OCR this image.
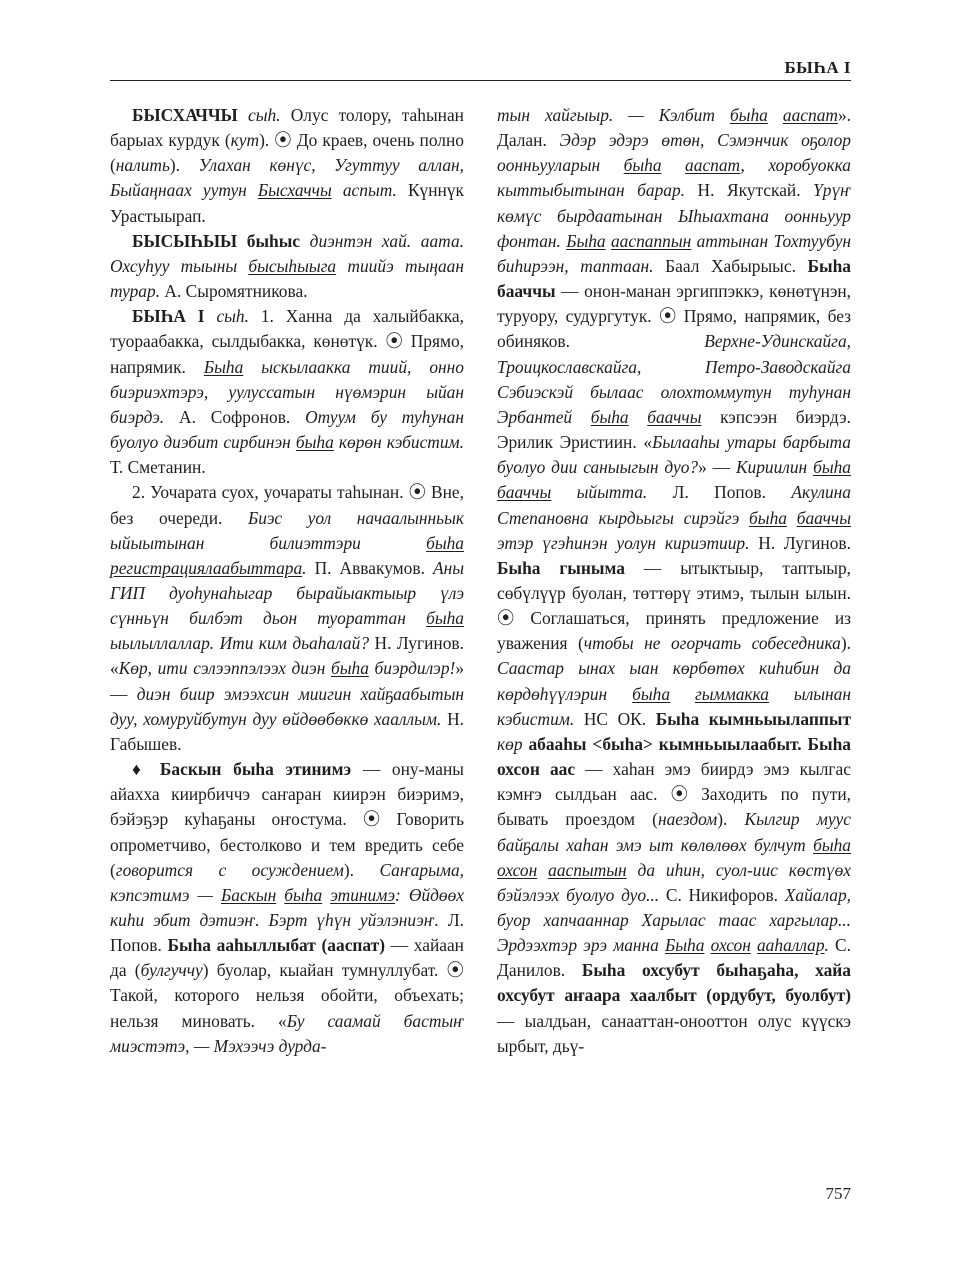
БЫҺА I

БЫСХАЧЧЫ сыһ. Олус толору, таһынан барыах курдук (кут). ⦿ До краев, очень полно (налить). Улахан көнүс, Угуттуу аллан, Быйаңнаах уутун Бысхаччы аспыт. Күннүк Урастыырап.

БЫСЫҺЫЫ быһыс диэнтэн хай. аата. Охсуһуу тыыны бысыһыыга тиийэ тыңаан турар. А. Сыромятникова.

БЫҺА I сыһ. 1. Ханна да халыйбакка, туораабакка, сылдыбакка, көнөтүк. ⦿ Прямо, напрямик. Быһа ыскылаакка тиий, онно биэриэхтэрэ, уулуссатын нүөмэрин ыйан биэрдэ. А. Софронов. Отуум бу туһунан буолуо диэбит сирбинэн быһа көрөн кэбистим. Т. Сметанин.

2. Уочарата суох, уочараты таһынан. ⦿ Вне, без очереди. Биэс уол начаалынньык ыйыытынан билиэттэри быһа регистрациялаабыттара. П. Аввакумов. Аны ГИП дуоһунаһыгар бырайыактыыр үлэ сүнньүн билбэт дьон туораттан быһа ыылыллаллар. Ити ким дьаһалай? Н. Лугинов. «Көр, ити сэлээппэлээх диэн быһа биэрдилэр!» — диэн биир эмээхсин миигин хайҕаабытын дуу, хомуруйбутун дуу өйдөөбөккө хааллым. Н. Габышев.

♦ Баскын быһа этинимэ — ону-маны айахха киирбиччэ саҥаран киирэн биэримэ, бэйэҕэр куһаҕаны оҥостума. ⦿ Говорить опрометчиво, бестолково и тем вредить себе (говорится с осуждением). Саҥарыма, кэпсэтимэ — Баскын быһа этинимэ: Өйдөөх киһи эбит дэтиэҥ. Бэрт үһүн уйэлэниэҥ. Л. Попов. Быһа ааһыллыбат (ааспат) — хайаан да (булгуччу) буолар, кыайан тумнуллубат. ⦿ Такой, которого нельзя обойти, объехать; нельзя миновать. «Бу саамай бастыҥ миэстэтэ, — Мэхээчэ дурда-

тын хайгыыр. — Кэлбит быһа ааспат». Далан. Эдэр эдэрэ өтөн, Сэмэнчик оҕолор оонньууларын быһа ааспат, хоробуокка кыттыбытынан барар. Н. Якутскай. Үрүҥ көмүс бырдаатынан Ыһыахтана оонньуур фонтан. Быһа ааспаппын аттынан Тохтуубун биһирээн, таптаан. Баал Хабырыыс. Быһа бааччы — онон-манан эргиппэккэ, көнөтүнэн, туруору, судургутук. ⦿ Прямо, напрямик, без обиняков. Верхне-Удинскайга, Троицкославскайга, Петро-Заводскайга Сэбиэскэй былаас олохтоммутун туһунан Эрбантей быһа бааччы кэпсээн биэрдэ. Эрилик Эристиин. «Былааһы утары барбыта буолуо дии саныыгын дуо?» — Кириилин быһа бааччы ыйытта. Л. Попов. Акулина Степановна кырдьыгы сирэйгэ быһа бааччы этэр үгэһинэн уолун кириэтиир. Н. Лугинов. Быһа гыныма — ытыктыыр, таптыыр, сөбүлүүр буолан, төттөрү этимэ, тылын ылын. ⦿ Соглашаться, принять предложение из уважения (чтобы не огорчать собеседника). Саастар ынах ыан көрбөтөх киһибин да көрдөһүүлэрин быһа гыммакка ылынан кэбистим. НС ОК. Быһа кымньыылаппыт көр абааһы <быһа> кымньыылаабыт. Быһа охсон аас — хаһан эмэ биирдэ эмэ кылгас кэмҥэ сылдьан аас. ⦿ Заходить по пути, бывать проездом (наездом). Кылгир муус байҕалы хаһан эмэ ыт көлөлөөх булчут быһа охсон ааспытын да иһин, суол-иис көстүөх бэйэлээх буолуо дуо... С. Никифоров. Хайалар, буор хапчааннар Харылас таас харгылар... Эрдээхтэр эрэ манна Быһа охсон ааһаллар. С. Данилов. Быһа охсубут быһаҕаһа, хайа охсубут аҥаара хаалбыт (ордубут, буолбут) — ыалдьан, санааттан-онооттон олус күүскэ ырбыт, дьү-

757
